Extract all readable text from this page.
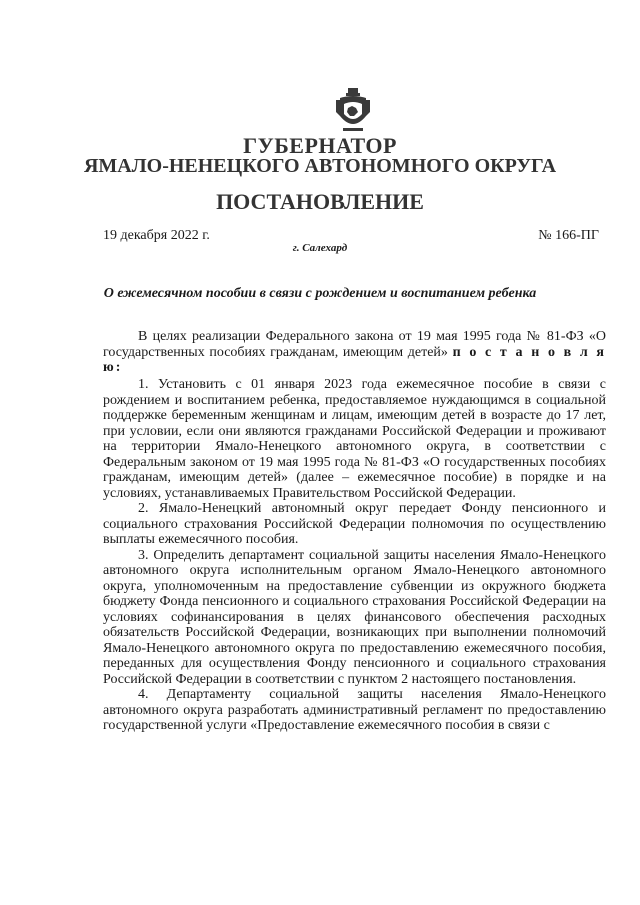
ГУБЕРНАТОР
ЯМАЛО-НЕНЕЦКОГО АВТОНОМНОГО ОКРУГА
ПОСТАНОВЛЕНИЕ
19 декабря 2022 г.	№ 166-ПГ
г. Салехард
О ежемесячном пособии в связи с рождением и воспитанием ребенка

В целях реализации Федерального закона от 19 мая 1995 года № 81-ФЗ «О государственных пособиях гражданам, имеющим детей» п о с т а н о в л я ю:

1. Установить с 01 января 2023 года ежемесячное пособие в связи с рождением и воспитанием ребенка, предоставляемое нуждающимся в социальной поддержке беременным женщинам и лицам, имеющим детей в возрасте до 17 лет, при условии, если они являются гражданами Российской Федерации и проживают на территории Ямало-Ненецкого автономного округа, в соответствии с Федеральным законом от 19 мая 1995 года № 81-ФЗ «О государственных пособиях гражданам, имеющим детей» (далее – ежемесячное пособие) в порядке и на условиях, устанавливаемых Правительством Российской Федерации.

2. Ямало-Ненецкий автономный округ передает Фонду пенсионного и социального страхования Российской Федерации полномочия по осуществлению выплаты ежемесячного пособия.

3. Определить департамент социальной защиты населения Ямало-Ненецкого автономного округа исполнительным органом Ямало-Ненецкого автономного округа, уполномоченным на предоставление субвенции из окружного бюджета бюджету Фонда пенсионного и социального страхования Российской Федерации на условиях софинансирования в целях финансового обеспечения расходных обязательств Российской Федерации, возникающих при выполнении полномочий Ямало-Ненецкого автономного округа по предоставлению ежемесячного пособия, переданных для осуществления Фонду пенсионного и социального страхования Российской Федерации в соответствии с пунктом 2 настоящего постановления.

4. Департаменту социальной защиты населения Ямало-Ненецкого автономного округа разработать административный регламент по предоставлению государственной услуги «Предоставление ежемесячного пособия в связи с
